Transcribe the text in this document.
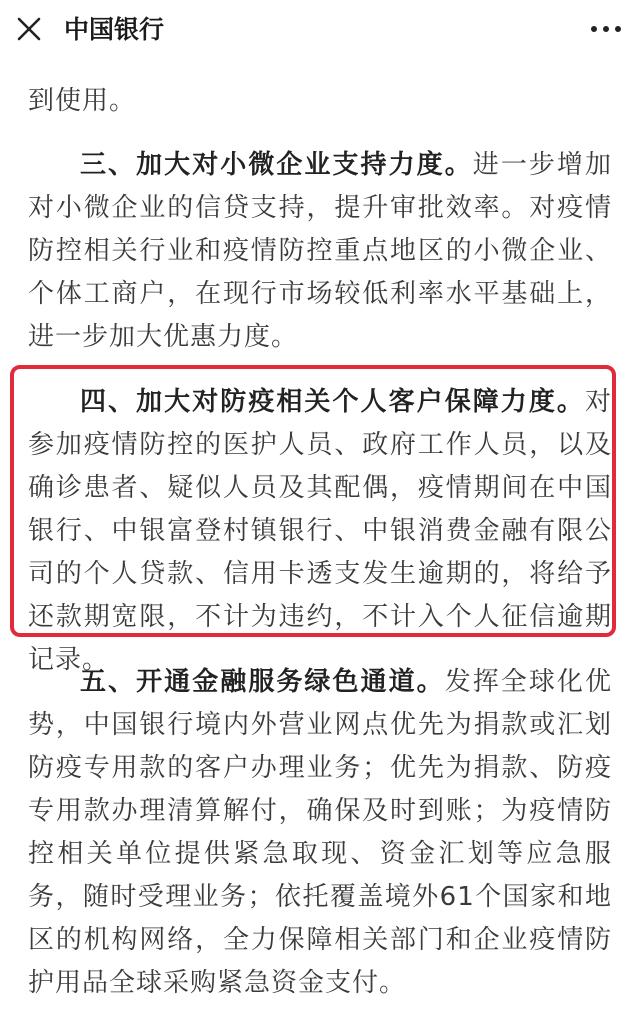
到使用。

三、加大对小微企业支持力度。进一步增加对小微企业的信贷支持，提升审批效率。对疫情防控相关行业和疫情防控重点地区的小微企业、个体工商户，在现行市场较低利率水平基础上，进一步加大优惠力度。

四、加大对防疫相关个人客户保障力度。对参加疫情防控的医护人员、政府工作人员，以及确诊患者、疑似人员及其配偶，疫情期间在中国银行、中银富登村镇银行、中银消费金融有限公司的个人贷款、信用卡透支发生逾期的，将给予还款期宽限，不计为违约，不计入个人征信逾期记录。

五、开通金融服务绿色通道。发挥全球化优势，中国银行境内外营业网点优先为捐款或汇划防疫专用款的客户办理业务；优先为捐款、防疫专用款办理清算解付，确保及时到账；为疫情防控相关单位提供紧急取现、资金汇划等应急服务，随时受理业务；依托覆盖境外61个国家和地区的机构网络，全力保障相关部门和企业疫情防护用品全球采购紧急资金支付。

中国银行
